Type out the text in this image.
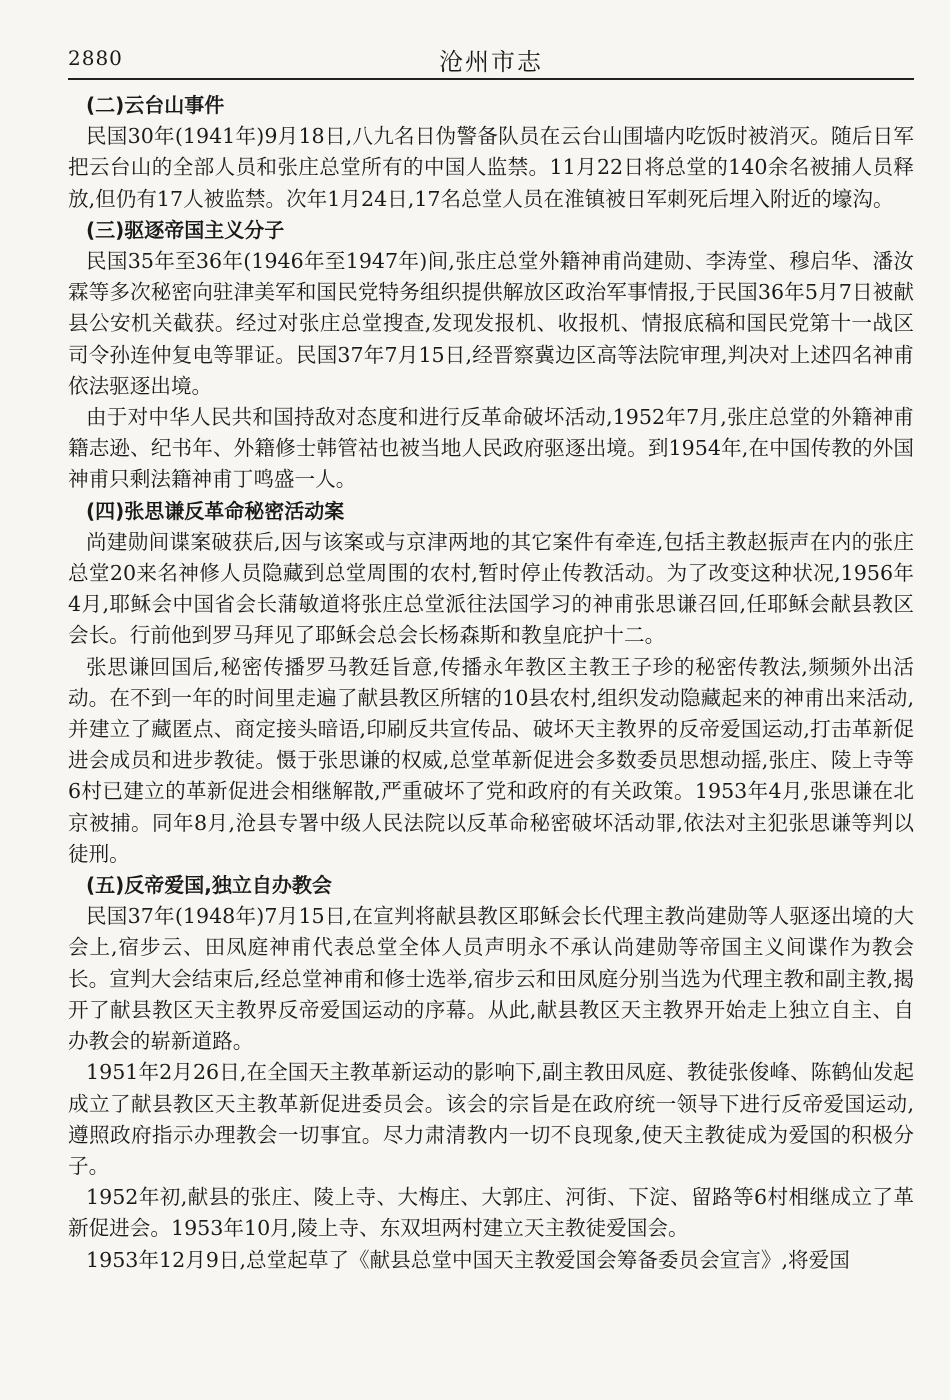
2880	沧州市志
(二)云台山事件

民国30年(1941年)9月18日,八九名日伪警备队员在云台山围墙内吃饭时被消灭。随后日军把云台山的全部人员和张庄总堂所有的中国人监禁。11月22日将总堂的140余名被捕人员释放,但仍有17人被监禁。次年1月24日,17名总堂人员在淮镇被日军刺死后埋入附近的壕沟。

(三)驱逐帝国主义分子

民国35年至36年(1946年至1947年)间,张庄总堂外籍神甫尚建勋、李涛堂、穆启华、潘汝霖等多次秘密向驻津美军和国民党特务组织提供解放区政治军事情报,于民国36年5月7日被献县公安机关截获。经过对张庄总堂搜查,发现发报机、收报机、情报底稿和国民党第十一战区司令孙连仲复电等罪证。民国37年7月15日,经晋察冀边区高等法院审理,判决对上述四名神甫依法驱逐出境。

由于对中华人民共和国持敌对态度和进行反革命破坏活动,1952年7月,张庄总堂的外籍神甫籍志逊、纪书年、外籍修士韩管祜也被当地人民政府驱逐出境。到1954年,在中国传教的外国神甫只剩法籍神甫丁鸣盛一人。

(四)张思谦反革命秘密活动案

尚建勋间谍案破获后,因与该案或与京津两地的其它案件有牵连,包括主教赵振声在内的张庄总堂20来名神修人员隐藏到总堂周围的农村,暂时停止传教活动。为了改变这种状况,1956年4月,耶稣会中国省会长蒲敏道将张庄总堂派往法国学习的神甫张思谦召回,任耶稣会献县教区会长。行前他到罗马拜见了耶稣会总会长杨森斯和教皇庇护十二。

张思谦回国后,秘密传播罗马教廷旨意,传播永年教区主教王子珍的秘密传教法,频频外出活动。在不到一年的时间里走遍了献县教区所辖的10县农村,组织发动隐藏起来的神甫出来活动,并建立了藏匿点、商定接头暗语,印刷反共宣传品、破坏天主教界的反帝爱国运动,打击革新促进会成员和进步教徒。慑于张思谦的权威,总堂革新促进会多数委员思想动摇,张庄、陵上寺等6村已建立的革新促进会相继解散,严重破坏了党和政府的有关政策。1953年4月,张思谦在北京被捕。同年8月,沧县专署中级人民法院以反革命秘密破坏活动罪,依法对主犯张思谦等判以徒刑。

(五)反帝爱国,独立自办教会

民国37年(1948年)7月15日,在宣判将献县教区耶稣会长代理主教尚建勋等人驱逐出境的大会上,宿步云、田凤庭神甫代表总堂全体人员声明永不承认尚建勋等帝国主义间谍作为教会长。宣判大会结束后,经总堂神甫和修士选举,宿步云和田凤庭分别当选为代理主教和副主教,揭开了献县教区天主教界反帝爱国运动的序幕。从此,献县教区天主教界开始走上独立自主、自办教会的崭新道路。

1951年2月26日,在全国天主教革新运动的影响下,副主教田凤庭、教徒张俊峰、陈鹤仙发起成立了献县教区天主教革新促进委员会。该会的宗旨是在政府统一领导下进行反帝爱国运动,遵照政府指示办理教会一切事宜。尽力肃清教内一切不良现象,使天主教徒成为爱国的积极分子。

1952年初,献县的张庄、陵上寺、大梅庄、大郭庄、河街、下淀、留路等6村相继成立了革新促进会。1953年10月,陵上寺、东双坦两村建立天主教徒爱国会。

1953年12月9日,总堂起草了《献县总堂中国天主教爱国会筹备委员会宣言》,将爱国
